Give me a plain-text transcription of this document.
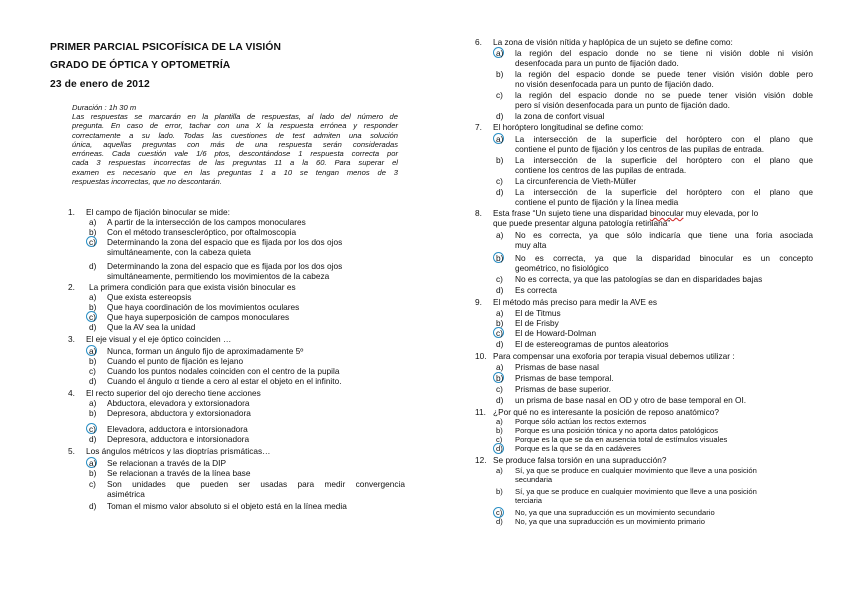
PRIMER PARCIAL PSICOFÍSICA DE LA VISIÓN
GRADO DE ÓPTICA Y OPTOMETRÍA
23 de enero de 2012
Duración : 1h 30 m
Las respuestas se marcarán en la plantilla de respuestas, al lado del número de
pregunta. En caso de error, tachar con una X la respuesta errónea y responder
correctamente a su lado. Todas las cuestiones de test admiten una solución
única, aquellas preguntas con más de una respuesta serán consideradas
erróneas. Cada cuestión vale 1/6 ptos, descontándose 1 respuesta correcta por
cada 3 respuestas incorrectas de las preguntas 11 a la 60. Para superar el
examen es necesario que en las preguntas 1 a 10 se tengan menos de 3
respuestas incorrectas, que no descontarán.
1. El campo de fijación binocular se mide:
a) A partir de la intersección de los campos monoculares
b) Con el método transescleróptico, por oftalmoscopia
c) Determinando la zona del espacio que es fijada por los dos ojos
simultáneamente, con la cabeza quieta
d) Determinando la zona del espacio que es fijada por los dos ojos
simultáneamente, permitiendo los movimientos de la cabeza
2. La primera condición para que exista visión binocular es
a) Que exista estereopsis
b) Que haya coordinación de los movimientos oculares
c) Que haya superposición de campos monoculares
d) Que la AV sea la unidad
3. El eje visual y el eje óptico coinciden …
a) Nunca, forman un ángulo fijo de aproximadamente 5º
b) Cuando el punto de fijación es lejano
c) Cuando los puntos nodales coinciden con el centro de la pupila
d) Cuando el ángulo α tiende a cero al estar el objeto en el infinito.
4. El recto superior del ojo derecho tiene acciones
a) Abductora, elevadora y extorsionadora
b) Depresora, abductora y extorsionadora
c) Elevadora, adductora e intorsionadora
d) Depresora, adductora e intorsionadora
5. Los ángulos métricos y las dioptrías prismáticas…
a) Se relacionan a través de la DIP
b) Se relacionan a través de la línea base
c) Son unidades que pueden ser usadas para medir convergencia
asimétrica
d) Toman el mismo valor absoluto si el objeto está en la línea media
6. La zona de visión nítida y haplópica de un sujeto se define como:
a) la región del espacio donde no se tiene ni visión doble ni visión
desenfocada para un punto de fijación dado.
b) la región del espacio donde se puede tener visión visión doble pero
no visión desenfocada para un punto de fijación dado.
c) la región del espacio donde no se puede tener visión visión doble
pero sí visión desenfocada para un punto de fijación dado.
d) la zona de confort visual
7. El horóptero longitudinal se define como:
a) La intersección de la superficie del horóptero con el plano que
contiene el punto de fijación y los centros de las pupilas de entrada.
b) La intersección de la superficie del horóptero con el plano que
contiene los centros de las pupilas de entrada.
c) La circunferencia de Vieth-Müller
d) La intersección de la superficie del horóptero con el plano que
contiene el punto de fijación y la línea media
8. Esta frase “Un sujeto tiene una disparidad binocular muy elevada, por lo
que puede presentar alguna patología retiniana”
a) No es correcta, ya que sólo indicaría que tiene una foria asociada
muy alta
b) No es correcta, ya que la disparidad binocular es un concepto
geométrico, no fisiológico
c) No es correcta, ya que las patologías se dan en disparidades bajas
d) Es correcta
9. El método más preciso para medir la AVE es
a) El de Titmus
b) El de Frisby
c) El de Howard-Dolman
d) El de estereogramas de puntos aleatorios
10. Para compensar una exoforia por terapia visual debemos utilizar :
a) Prismas de base nasal
b) Prismas de base temporal.
c) Prismas de base superior.
d) un prisma de base nasal en OD y otro de base temporal en OI.
11. ¿Por qué no es interesante la posición de reposo anatómico?
a) Porque sólo actúan los rectos externos
b) Porque es una posición tónica y no aporta datos patológicos
c) Porque es la que se da en ausencia total de estímulos visuales
d) Porque es la que se da en cadáveres
12. Se produce falsa torsión en una supraducción?
a) Sí, ya que se produce en cualquier movimiento que lleve a una posición
secundaria
b) Sí, ya que se produce en cualquier movimiento que lleve a una posición
terciaria
c) No, ya que una supraducción es un movimiento secundario
d) No, ya que una supraducción es un movimiento primario
